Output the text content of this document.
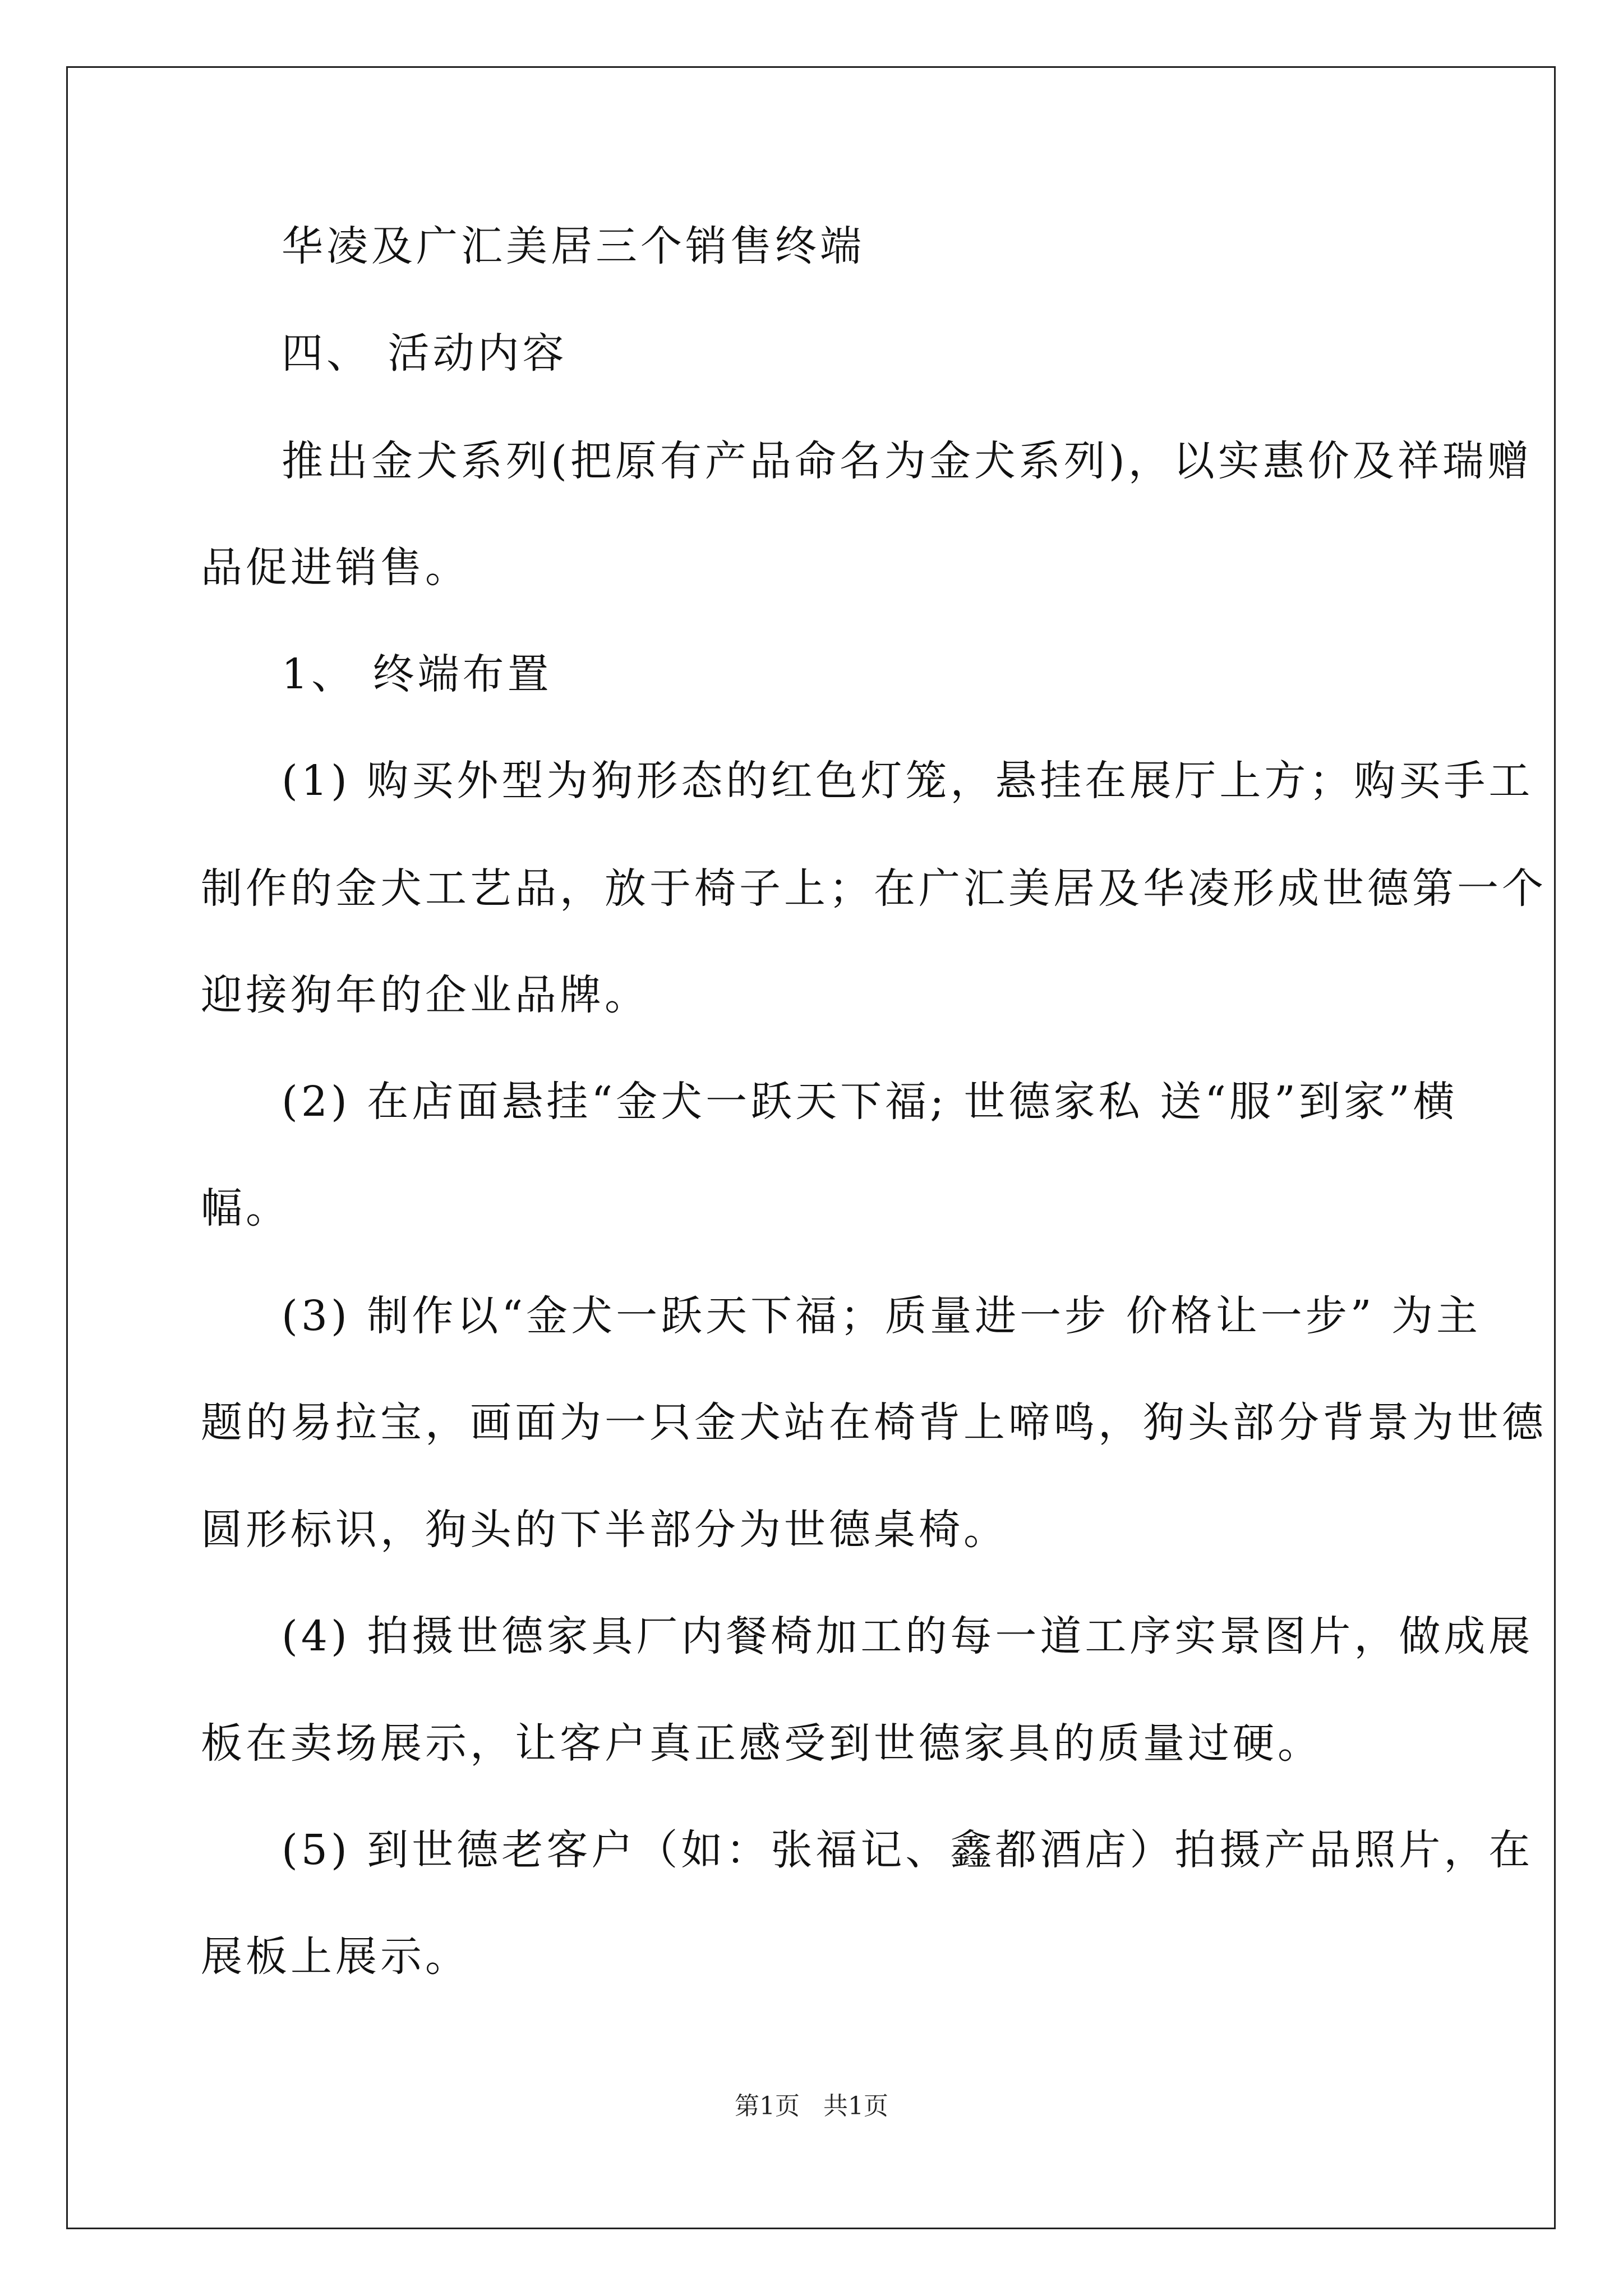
华凌及广汇美居三个销售终端
四、 活动内容
推出金犬系列(把原有产品命名为金犬系列)，以实惠价及祥瑞赠
品促进销售。
1、 终端布置
(1) 购买外型为狗形态的红色灯笼，悬挂在展厅上方；购买手工
制作的金犬工艺品，放于椅子上；在广汇美居及华凌形成世德第一个
迎接狗年的企业品牌。
(2) 在店面悬挂“金犬一跃天下福; 世德家私 送“服”到家”横
幅。
(3) 制作以“金犬一跃天下福；质量进一步 价格让一步” 为主
题的易拉宝，画面为一只金犬站在椅背上啼鸣，狗头部分背景为世德
圆形标识，狗头的下半部分为世德桌椅。
(4) 拍摄世德家具厂内餐椅加工的每一道工序实景图片，做成展
板在卖场展示，让客户真正感受到世德家具的质量过硬。
(5) 到世德老客户（如：张福记、鑫都酒店）拍摄产品照片，在
展板上展示。
第1页   共1页
